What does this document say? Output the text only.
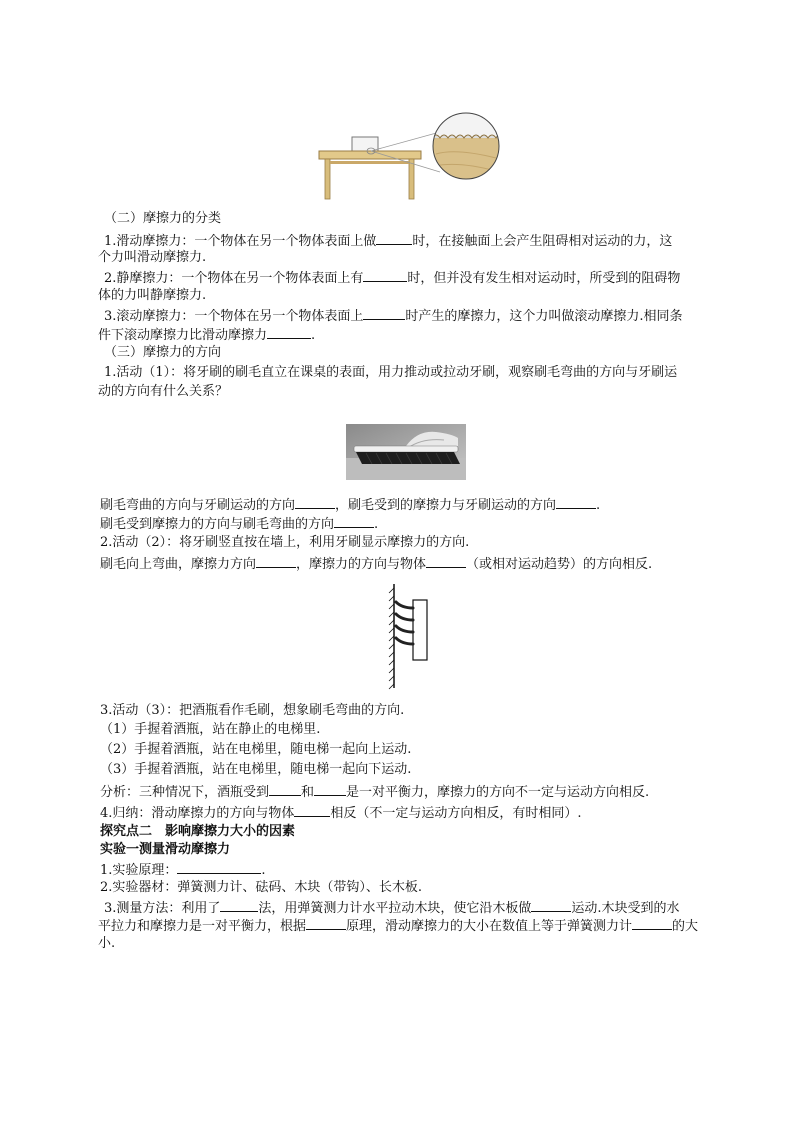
（二）摩擦力的分类
1.滑动摩擦力：一个物体在另一个物体表面上做	时，在接触面上会产生阻碍相对运动的力，这
个力叫滑动摩擦力.
2.静摩擦力：一个物体在另一个物体表面上有	时，但并没有发生相对运动时，所受到的阻碍物
体的力叫静摩擦力.
3.滚动摩擦力：一个物体在另一个物体表面上	时产生的摩擦力，这个力叫做滚动摩擦力.相同条
件下滚动摩擦力比滑动摩擦力	.
（三）摩擦力的方向
1.活动（1）：将牙刷的刷毛直立在课桌的表面，用力推动或拉动牙刷，观察刷毛弯曲的方向与牙刷运
动的方向有什么关系？
刷毛弯曲的方向与牙刷运动的方向	，刷毛受到的摩擦力与牙刷运动的方向	.
刷毛受到摩擦力的方向与刷毛弯曲的方向	.
2.活动（2）：将牙刷竖直按在墙上，利用牙刷显示摩擦力的方向.
刷毛向上弯曲，摩擦力方向	，摩擦力的方向与物体	（或相对运动趋势）的方向相反.
3.活动（3）：把酒瓶看作毛刷，想象刷毛弯曲的方向.
（1）手握着酒瓶，站在静止的电梯里.
（2）手握着酒瓶，站在电梯里，随电梯一起向上运动.
（3）手握着酒瓶，站在电梯里，随电梯一起向下运动.
分析：三种情况下，酒瓶受到 和 是一对平衡力，摩擦力的方向不一定与运动方向相反.
4.归纳：滑动摩擦力的方向与物体	相反（不一定与运动方向相反，有时相同）.
探究点二　影响摩擦力大小的因素
实验一测量滑动摩擦力
1.实验原理：	.
2.实验器材：弹簧测力计、砝码、木块（带钩）、长木板.
3.测量方法：利用了	法，用弹簧测力计水平拉动木块，使它沿木板做	运动.木块受到的水
平拉力和摩擦力是一对平衡力，根据	原理，滑动摩擦力的大小在数值上等于弹簧测力计	的大
小.
